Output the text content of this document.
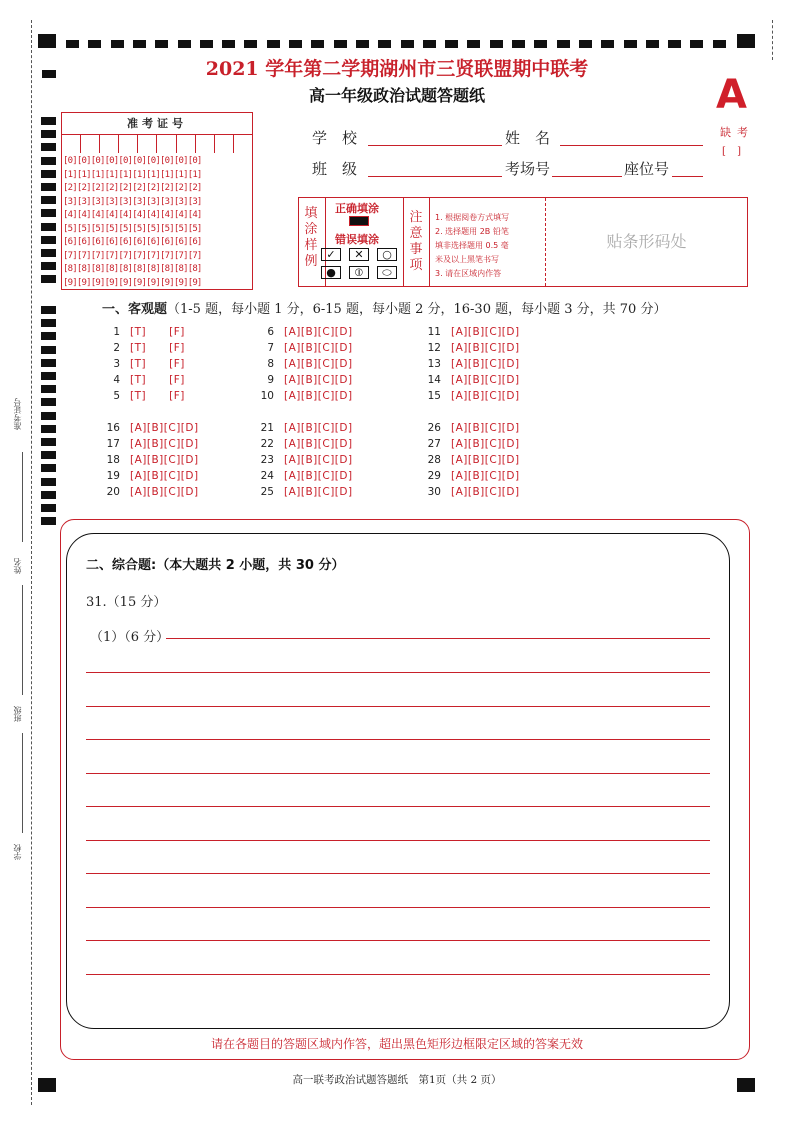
准考证号
姓名
班级
学校
2021 学年第二学期湖州市三贤联盟期中联考
高一年级政治试题答题纸	A
缺考
[ ]
准考证号
[0][0][0][0][0][0][0][0][0][0]
[1][1][1][1][1][1][1][1][1][1]
[2][2][2][2][2][2][2][2][2][2]
[3][3][3][3][3][3][3][3][3][3]
[4][4][4][4][4][4][4][4][4][4]
[5][5][5][5][5][5][5][5][5][5]
[6][6][6][6][6][6][6][6][6][6]
[7][7][7][7][7][7][7][7][7][7]
[8][8][8][8][8][8][8][8][8][8]
[9][9][9][9][9][9][9][9][9][9]
学　校	姓　名
班　级	考场号	座位号
填涂样例
正确填涂
错误填涂
✓	✕	○
●	⦶	⬭
注意事项
1. 根据阅卷方式填写
2. 选择题用 2B 铅笔
填非选择题用 0.5 毫
米及以上黑笔书写
3. 请在区域内作答
贴条形码处
一、客观题（1-5 题，每小题 1 分，6-15 题，每小题 2 分，16-30 题，每小题 3 分，共 70 分）
1 [T]      [F]	6 [A][B][C][D]	11 [A][B][C][D]
16 [A][B][C][D]	21 [A][B][C][D]	26 [A][B][C][D]
2 [T]      [F]	7 [A][B][C][D]	12 [A][B][C][D]
17 [A][B][C][D]	22 [A][B][C][D]	27 [A][B][C][D]
3 [T]      [F]	8 [A][B][C][D]	13 [A][B][C][D]
18 [A][B][C][D]	23 [A][B][C][D]	28 [A][B][C][D]
4 [T]      [F]	9 [A][B][C][D]	14 [A][B][C][D]
19 [A][B][C][D]	24 [A][B][C][D]	29 [A][B][C][D]
5 [T]      [F]	10 [A][B][C][D]	15 [A][B][C][D]
20 [A][B][C][D]	25 [A][B][C][D]	30 [A][B][C][D]
二、综合题:（本大题共 2 小题，共 30 分）
31.（15 分）
（1）（6 分）
请在各题目的答题区域内作答，超出黑色矩形边框限定区域的答案无效
高一联考政治试题答题纸　第1页（共 2 页）
